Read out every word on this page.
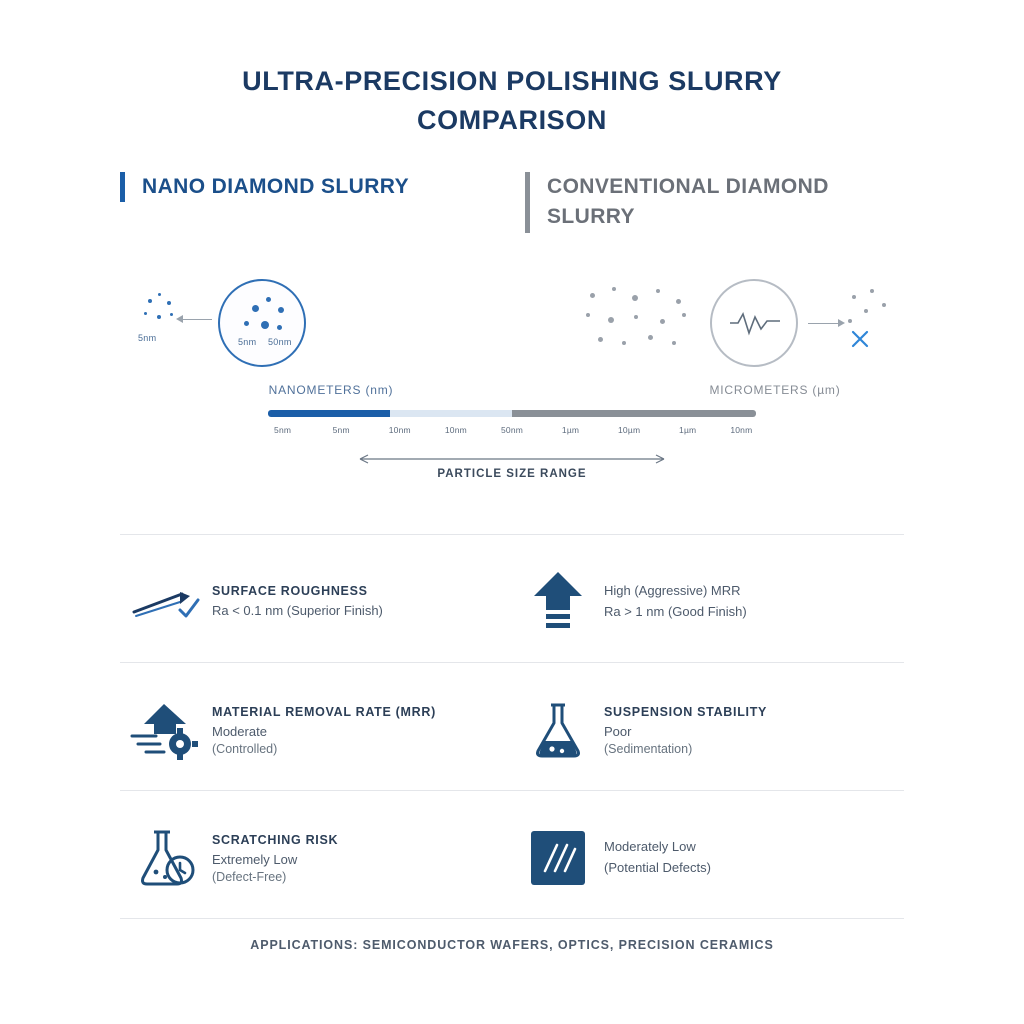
ULTRA-PRECISION POLISHING SLURRY COMPARISON
NANO DIAMOND SLURRY	CONVENTIONAL DIAMOND SLURRY
5nm	5nm 50nm
NANOMETERS (nm)	MICROMETERS (µm)
5nm	5nm	10nm	10nm	50nm	1µm	10µm	1µm	10nm
PARTICLE SIZE RANGE
SURFACE ROUGHNESS
Ra < 0.1 nm (Superior Finish)
High (Aggressive) MRR
Ra > 1 nm (Good Finish)
MATERIAL REMOVAL RATE (MRR)
Moderate
(Controlled)
SUSPENSION STABILITY
Poor
(Sedimentation)
SCRATCHING RISK
Extremely Low
(Defect-Free)
Moderately Low
(Potential Defects)
APPLICATIONS: SEMICONDUCTOR WAFERS, OPTICS, PRECISION CERAMICS
